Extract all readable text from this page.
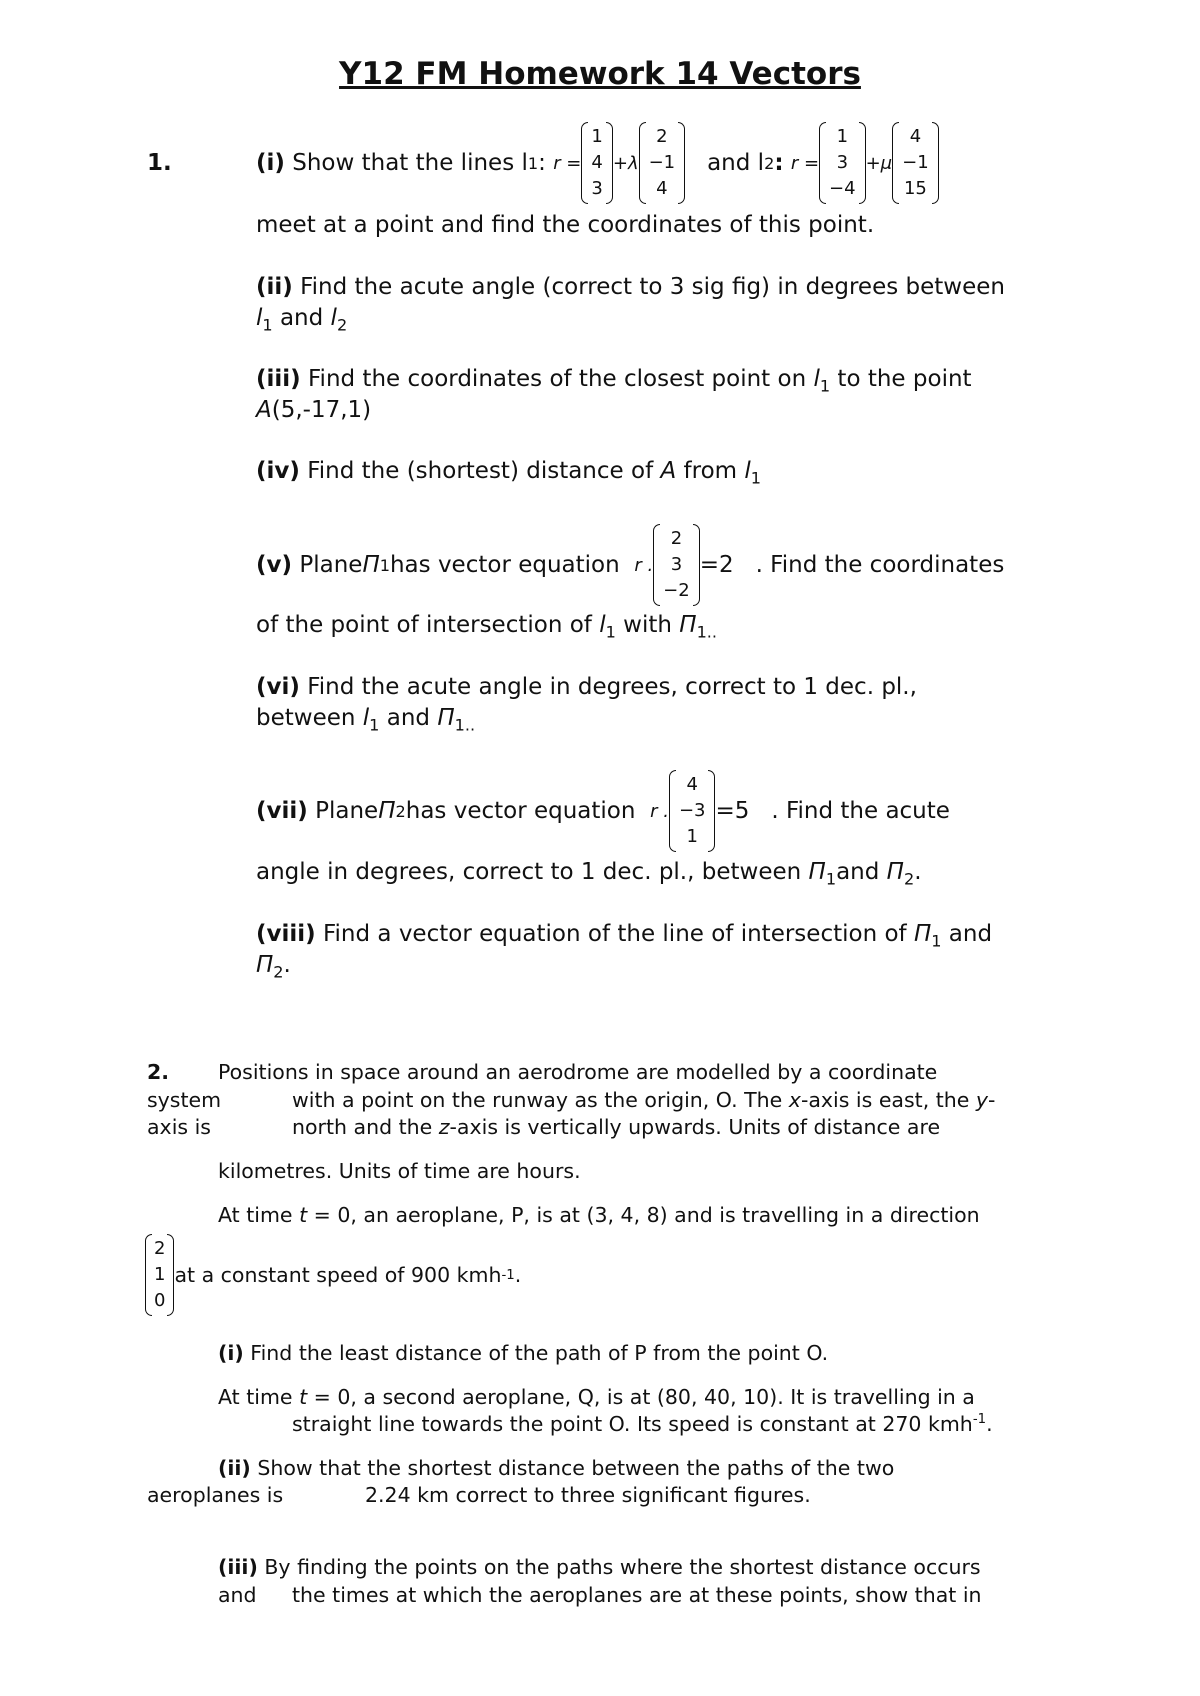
Y12 FM Homework 14 Vectors
1.	(i)
Show that the lines l 1 :
r =
1
4
3
+λ
2
−1
4

and l 2 :
r =
1
3
−4
+μ
4
−1
15
meet at a point and find the coordinates of this point.
(ii) Find the acute angle (correct to 3 sig fig) in degrees between
$l_1$ and $l_2$
(iii) Find the coordinates of the closest point on $l_1$ to the point
A(5,-17,1)
(iv) Find the (shortest) distance of A from $l_1$
(v)
Plane Π 1 has vector equation
r .
2
3
−2
=2
. Find the coordinates
of the point of intersection of $l_1$ with $\Pi_{1..}$
(vi) Find the acute angle in degrees, correct to 1 dec. pl.,
between $l_1$ and $\Pi_{1..}$
(vii)
Plane Π 2 has vector equation
r .
4
−3
1
=5
. Find the acute
angle in degrees, correct to 1 dec. pl., between $\Pi_1and$ $\Pi_2$.
(viii) Find a vector equation of the line of intersection of $\Pi_1$ and
$\Pi_2$.
2. Positions in space around an aerodrome are modelled by a coordinate
system	with a point on the runway as the origin, O. The x-axis is east, the y-
axis is	north and the z-axis is vertically upwards. Units of distance are
kilometres. Units of time are hours.
At time t = 0, an aeroplane, P, is at (3, 4, 8) and is travelling in a direction
2
1
0
at a constant speed of 900 kmh -1 .
(i) Find the least distance of the path of P from the point O.
At time t = 0, a second aeroplane, Q, is at (80, 40, 10). It is travelling in a
straight line towards the point O. Its speed is constant at 270 kmh$^{-1}$.
(ii) Show that the shortest distance between the paths of the two
aeroplanes is	2.24 km correct to three significant figures.
(iii) By finding the points on the paths where the shortest distance occurs
and the times at which the aeroplanes are at these points, show that in
